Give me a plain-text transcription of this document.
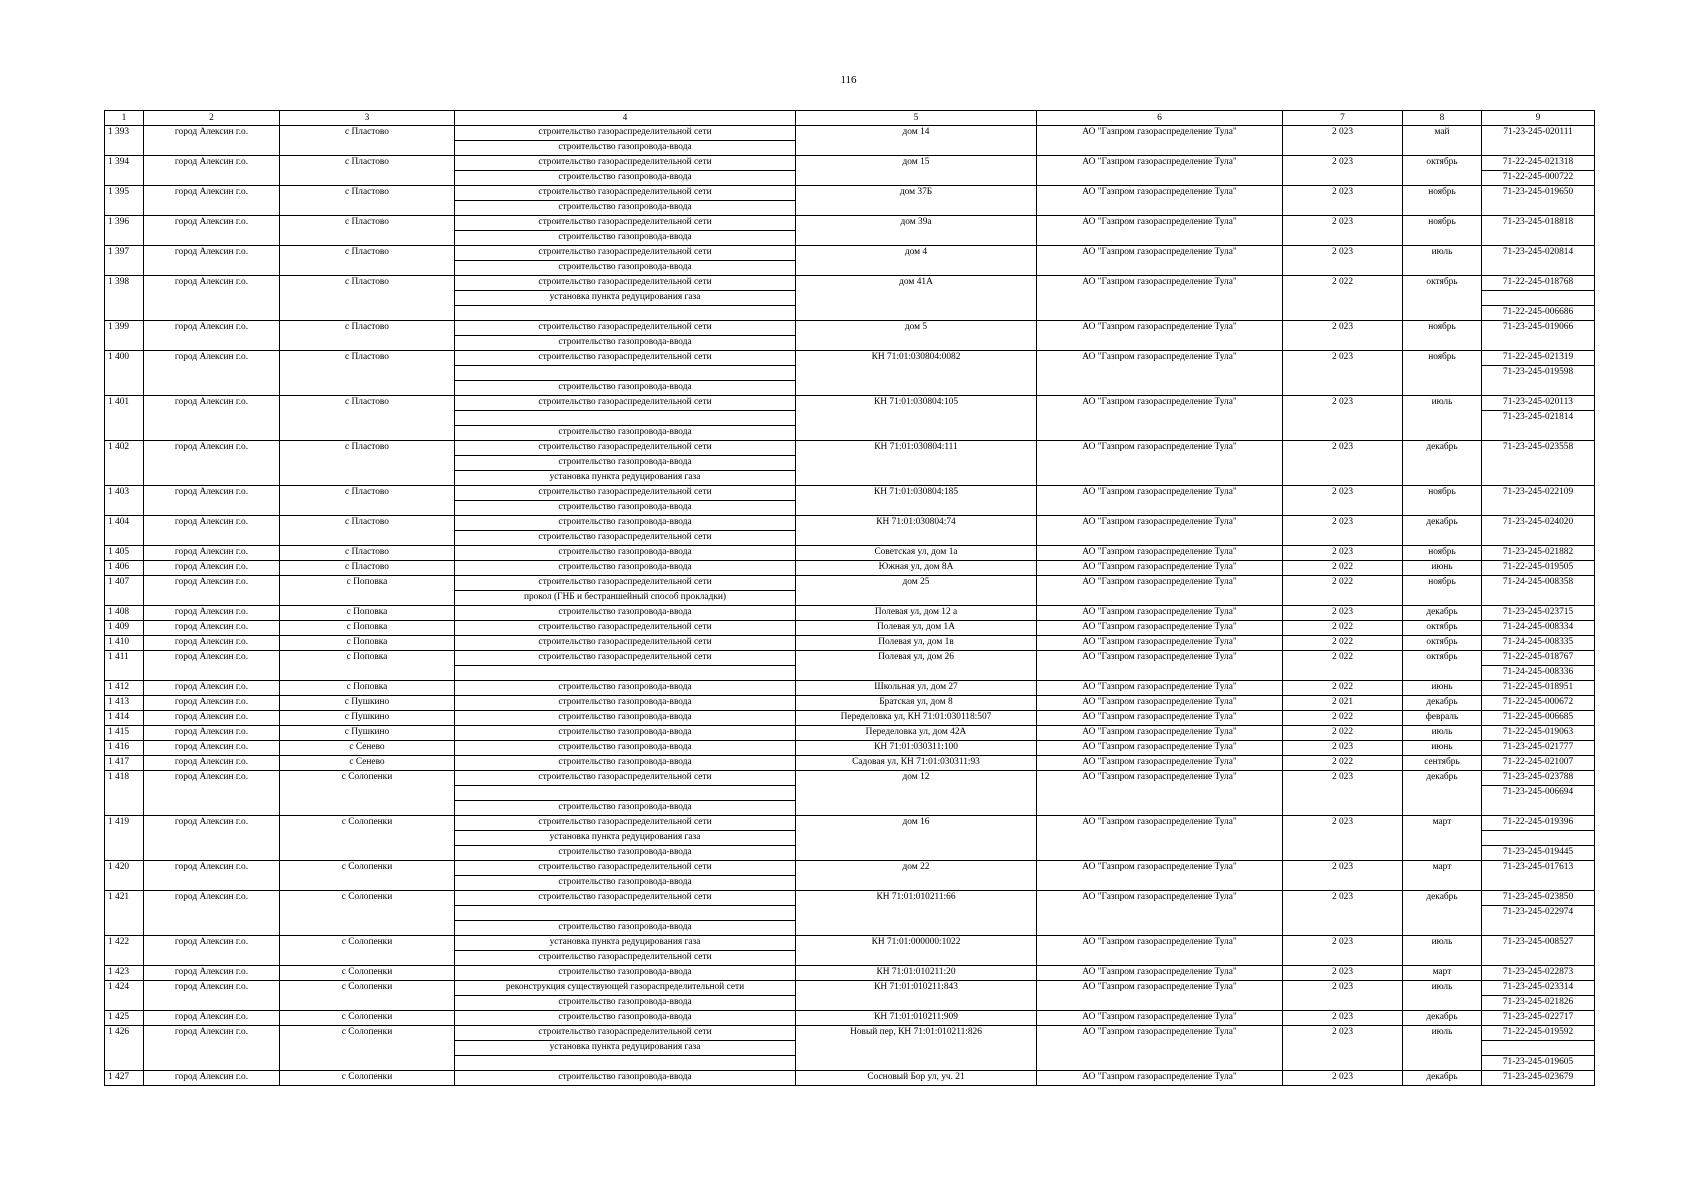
116
1	2	3	4	5	6	7	8	9
1 393	город Алексин г.о.	с Пластово	строительство газораспределительной сети	дом 14	АО "Газпром газораспределение Тула"	2 023	май	71-23-245-020111
			строительство газопровода-ввода					
1 394	город Алексин г.о.	с Пластово	строительство газораспределительной сети	дом 15	АО "Газпром газораспределение Тула"	2 023	октябрь	71-22-245-021318
			строительство газопровода-ввода					71-22-245-000722
1 395	город Алексин г.о.	с Пластово	строительство газораспределительной сети	дом 37Б	АО "Газпром газораспределение Тула"	2 023	ноябрь	71-23-245-019650
			строительство газопровода-ввода					
1 396	город Алексин г.о.	с Пластово	строительство газораспределительной сети	дом 39а	АО "Газпром газораспределение Тула"	2 023	ноябрь	71-23-245-018818
			строительство газопровода-ввода					
1 397	город Алексин г.о.	с Пластово	строительство газораспределительной сети	дом 4	АО "Газпром газораспределение Тула"	2 023	июль	71-23-245-020814
			строительство газопровода-ввода					
1 398	город Алексин г.о.	с Пластово	строительство газораспределительной сети	дом 41А	АО "Газпром газораспределение Тула"	2 022	октябрь	71-22-245-018768
			установка пункта редуцирования газа					
								71-22-245-006686
1 399	город Алексин г.о.	с Пластово	строительство газораспределительной сети	дом 5	АО "Газпром газораспределение Тула"	2 023	ноябрь	71-23-245-019066
			строительство газопровода-ввода					
1 400	город Алексин г.о.	с Пластово	строительство газораспределительной сети	КН 71:01:030804:0082	АО "Газпром газораспределение Тула"	2 023	ноябрь	71-22-245-021319
								71-23-245-019598
			строительство газопровода-ввода					
1 401	город Алексин г.о.	с Пластово	строительство газораспределительной сети	КН 71:01:030804:105	АО "Газпром газораспределение Тула"	2 023	июль	71-23-245-020113
								71-23-245-021814
			строительство газопровода-ввода					
1 402	город Алексин г.о.	с Пластово	строительство газораспределительной сети	КН 71:01:030804:111	АО "Газпром газораспределение Тула"	2 023	декабрь	71-23-245-023558
			строительство газопровода-ввода					
			установка пункта редуцирования газа					
1 403	город Алексин г.о.	с Пластово	строительство газораспределительной сети	КН 71:01:030804:185	АО "Газпром газораспределение Тула"	2 023	ноябрь	71-23-245-022109
			строительство газопровода-ввода					
1 404	город Алексин г.о.	с Пластово	строительство газопровода-ввода	КН 71:01:030804:74	АО "Газпром газораспределение Тула"	2 023	декабрь	71-23-245-024020
			строительство газораспределительной сети					
1 405	город Алексин г.о.	с Пластово	строительство газопровода-ввода	Советская ул, дом 1а	АО "Газпром газораспределение Тула"	2 023	ноябрь	71-23-245-021882
1 406	город Алексин г.о.	с Пластово	строительство газопровода-ввода	Южная ул, дом 8А	АО "Газпром газораспределение Тула"	2 022	июнь	71-22-245-019505
1 407	город Алексин г.о.	с Поповка	строительство газораспределительной сети	дом 25	АО "Газпром газораспределение Тула"	2 022	ноябрь	71-24-245-008358
			прокол (ГНБ и бестраншейный способ прокладки)					
1 408	город Алексин г.о.	с Поповка	строительство газопровода-ввода	Полевая ул, дом 12 а	АО "Газпром газораспределение Тула"	2 023	декабрь	71-23-245-023715
1 409	город Алексин г.о.	с Поповка	строительство газораспределительной сети	Полевая ул, дом 1А	АО "Газпром газораспределение Тула"	2 022	октябрь	71-24-245-008334
1 410	город Алексин г.о.	с Поповка	строительство газораспределительной сети	Полевая ул, дом 1в	АО "Газпром газораспределение Тула"	2 022	октябрь	71-24-245-008335
1 411	город Алексин г.о.	с Поповка	строительство газораспределительной сети	Полевая ул, дом 26	АО "Газпром газораспределение Тула"	2 022	октябрь	71-22-245-018767
								71-24-245-008336
1 412	город Алексин г.о.	с Поповка	строительство газопровода-ввода	Школьная ул, дом 27	АО "Газпром газораспределение Тула"	2 022	июнь	71-22-245-018951
1 413	город Алексин г.о.	с Пушкино	строительство газопровода-ввода	Братская ул, дом 8	АО "Газпром газораспределение Тула"	2 021	декабрь	71-22-245-000672
1 414	город Алексин г.о.	с Пушкино	строительство газопровода-ввода	Переделовка ул, КН 71:01:030118:507	АО "Газпром газораспределение Тула"	2 022	февраль	71-22-245-006685
1 415	город Алексин г.о.	с Пушкино	строительство газопровода-ввода	Переделовка ул, дом 42А	АО "Газпром газораспределение Тула"	2 022	июль	71-22-245-019063
1 416	город Алексин г.о.	с Сенево	строительство газопровода-ввода	КН 71:01:030311:100	АО "Газпром газораспределение Тула"	2 023	июнь	71-23-245-021777
1 417	город Алексин г.о.	с Сенево	строительство газопровода-ввода	Садовая ул, КН 71:01:030311:93	АО "Газпром газораспределение Тула"	2 022	сентябрь	71-22-245-021007
1 418	город Алексин г.о.	с Солопенки	строительство газораспределительной сети	дом 12	АО "Газпром газораспределение Тула"	2 023	декабрь	71-23-245-023788
								71-23-245-006694
			строительство газопровода-ввода					
1 419	город Алексин г.о.	с Солопенки	строительство газораспределительной сети	дом 16	АО "Газпром газораспределение Тула"	2 023	март	71-22-245-019396
			установка пункта редуцирования газа					
			строительство газопровода-ввода					71-23-245-019445
1 420	город Алексин г.о.	с Солопенки	строительство газораспределительной сети	дом 22	АО "Газпром газораспределение Тула"	2 023	март	71-23-245-017613
			строительство газопровода-ввода					
1 421	город Алексин г.о.	с Солопенки	строительство газораспределительной сети	КН 71:01:010211:66	АО "Газпром газораспределение Тула"	2 023	декабрь	71-23-245-023850
								71-23-245-022974
			строительство газопровода-ввода					
1 422	город Алексин г.о.	с Солопенки	установка пункта редуцирования газа	КН 71:01:000000:1022	АО "Газпром газораспределение Тула"	2 023	июль	71-23-245-008527
			строительство газораспределительной сети					
1 423	город Алексин г.о.	с Солопенки	строительство газопровода-ввода	КН 71:01:010211:20	АО "Газпром газораспределение Тула"	2 023	март	71-23-245-022873
1 424	город Алексин г.о.	с Солопенки	реконструкция существующей газораспределительной сети	КН 71:01:010211:843	АО "Газпром газораспределение Тула"	2 023	июль	71-23-245-023314
			строительство газопровода-ввода					71-23-245-021826
1 425	город Алексин г.о.	с Солопенки	строительство газопровода-ввода	КН 71:01:010211:909	АО "Газпром газораспределение Тула"	2 023	декабрь	71-23-245-022717
1 426	город Алексин г.о.	с Солопенки	строительство газораспределительной сети	Новый пер, КН 71:01:010211:826	АО "Газпром газораспределение Тула"	2 023	июль	71-22-245-019592
			установка пункта редуцирования газа					
								71-23-245-019605
1 427	город Алексин г.о.	с Солопенки	строительство газопровода-ввода	Сосновый Бор ул, уч. 21	АО "Газпром газораспределение Тула"	2 023	декабрь	71-23-245-023679
